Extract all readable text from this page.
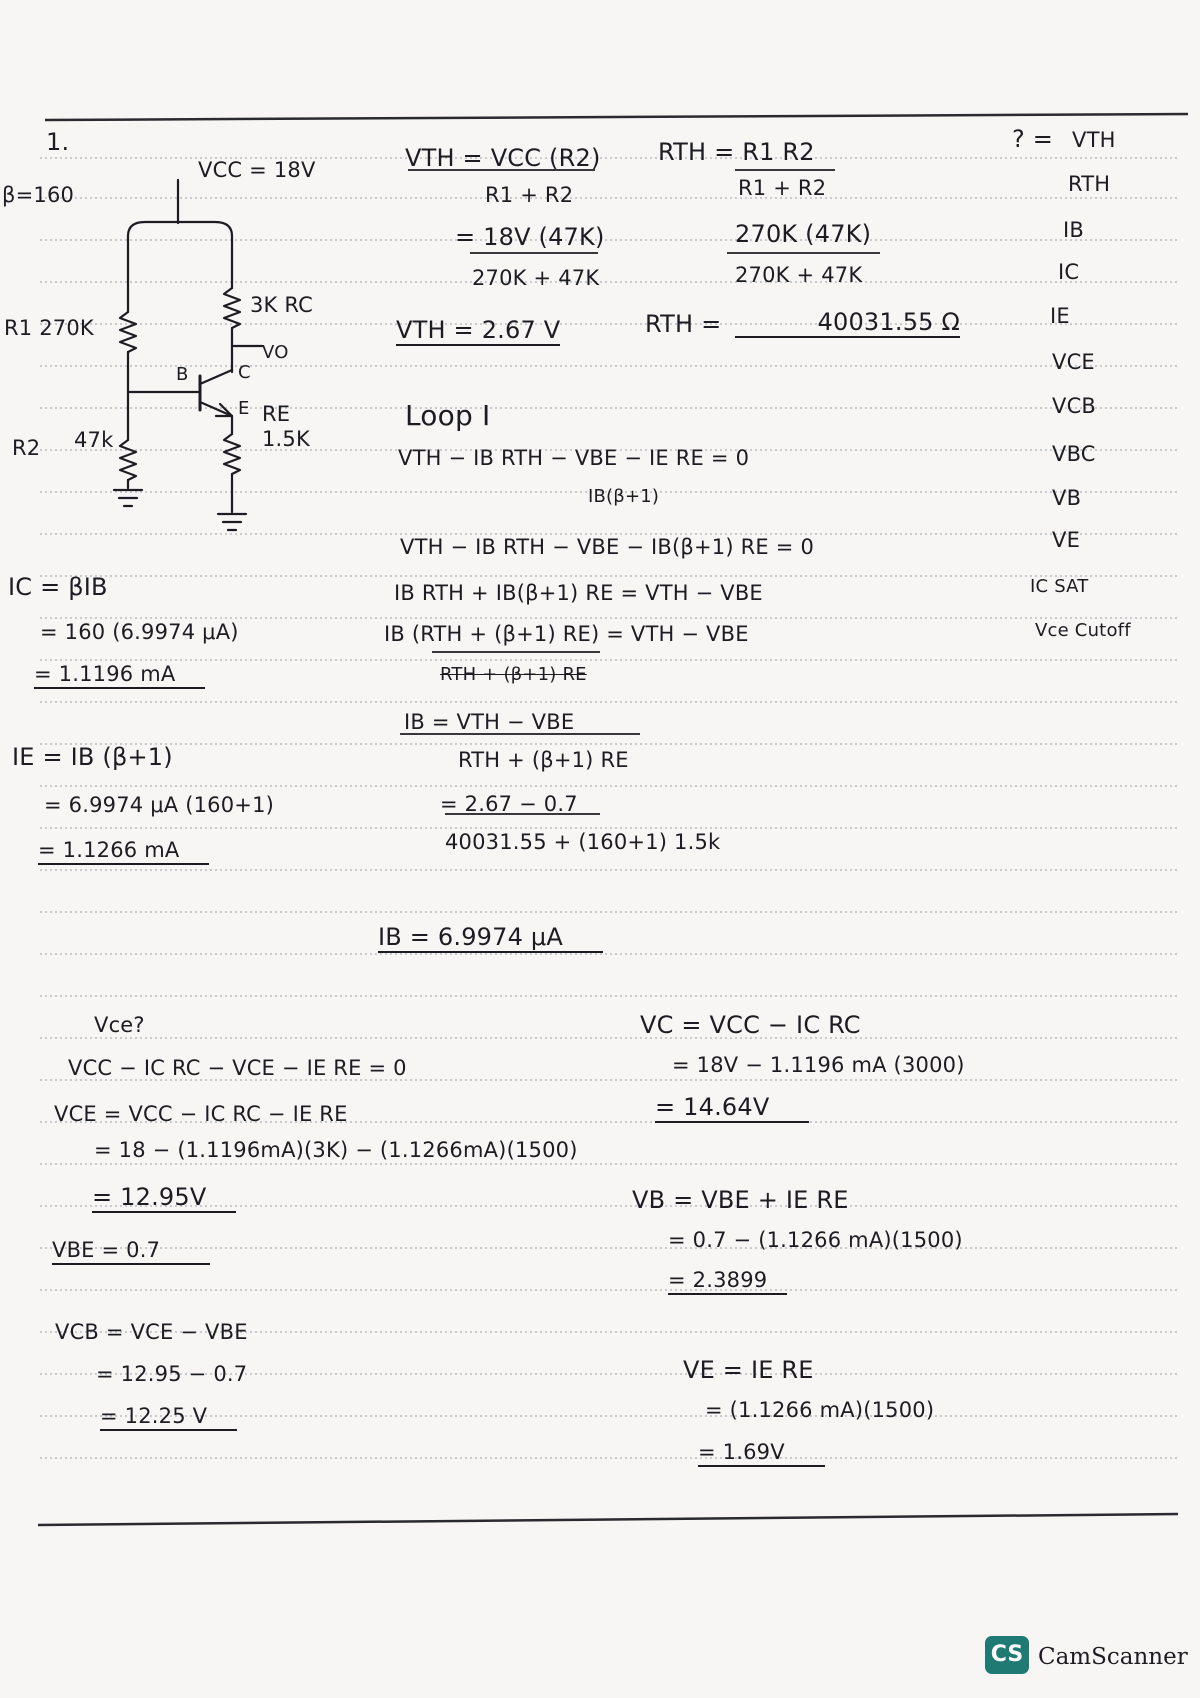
1.
β=160
VCC = 18V
R1 270K
3K RC
VO
B	C
E RE 1.5K
R2 47k
VTH = VCC (R2)
R1 + R2
= 18V (47K)
270K + 47K
VTH = 2.67 V
RTH = R1 R2
R1 + R2
270K (47K)
270K + 47K
RTH =	40031.55 Ω
? = VTH
RTH
IB
IC
IE
VCE
VCB
VBC
VB
VE
IC SAT
Vce Cutoff
Loop I
VTH − IB RTH − VBE − IE RE = 0
IB(β+1)
VTH − IB RTH − VBE − IB(β+1) RE = 0
IB RTH + IB(β+1) RE = VTH − VBE
IB (RTH + (β+1) RE) = VTH − VBE
RTH + (β+1) RE
IB = VTH − VBE
RTH + (β+1) RE
= 2.67 − 0.7
40031.55 + (160+1) 1.5k
IB = 6.9974 μA
IC = βIB
= 160 (6.9974 μA)
= 1.1196 mA
IE = IB (β+1)
= 6.9974 μA (160+1)
= 1.1266 mA
Vce?
VCC − IC RC − VCE − IE RE = 0
VCE = VCC − IC RC − IE RE
= 18 − (1.1196mA)(3K) − (1.1266mA)(1500)
= 12.95V
VBE = 0.7
VCB = VCE − VBE
= 12.95 − 0.7
= 12.25 V
VC = VCC − IC RC
= 18V − 1.1196 mA (3000)
= 14.64V
VB = VBE + IE RE
= 0.7 − (1.1266 mA)(1500)
= 2.3899
VE = IE RE
= (1.1266 mA)(1500)
= 1.69V
CS CamScanner
